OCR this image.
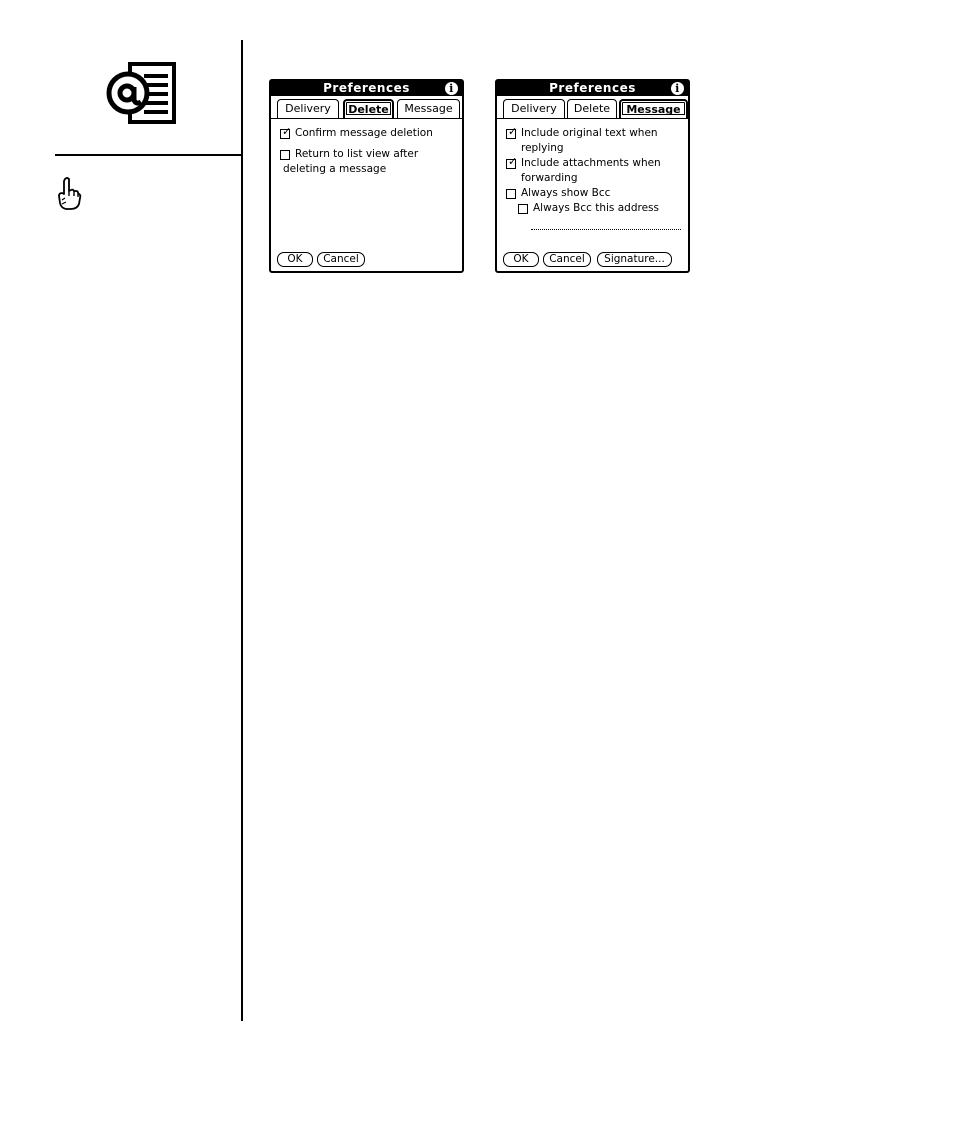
Preferences	i
Delivery	Delete	Message
✓ Confirm message deletion
Return to list view after
deleting a message
OK	Cancel
Preferences	i
Delivery	Delete	Message
✓ Include original text when
replying
✓ Include attachments when
forwarding
Always show Bcc
Always Bcc this address
OK	Cancel	Signature...
